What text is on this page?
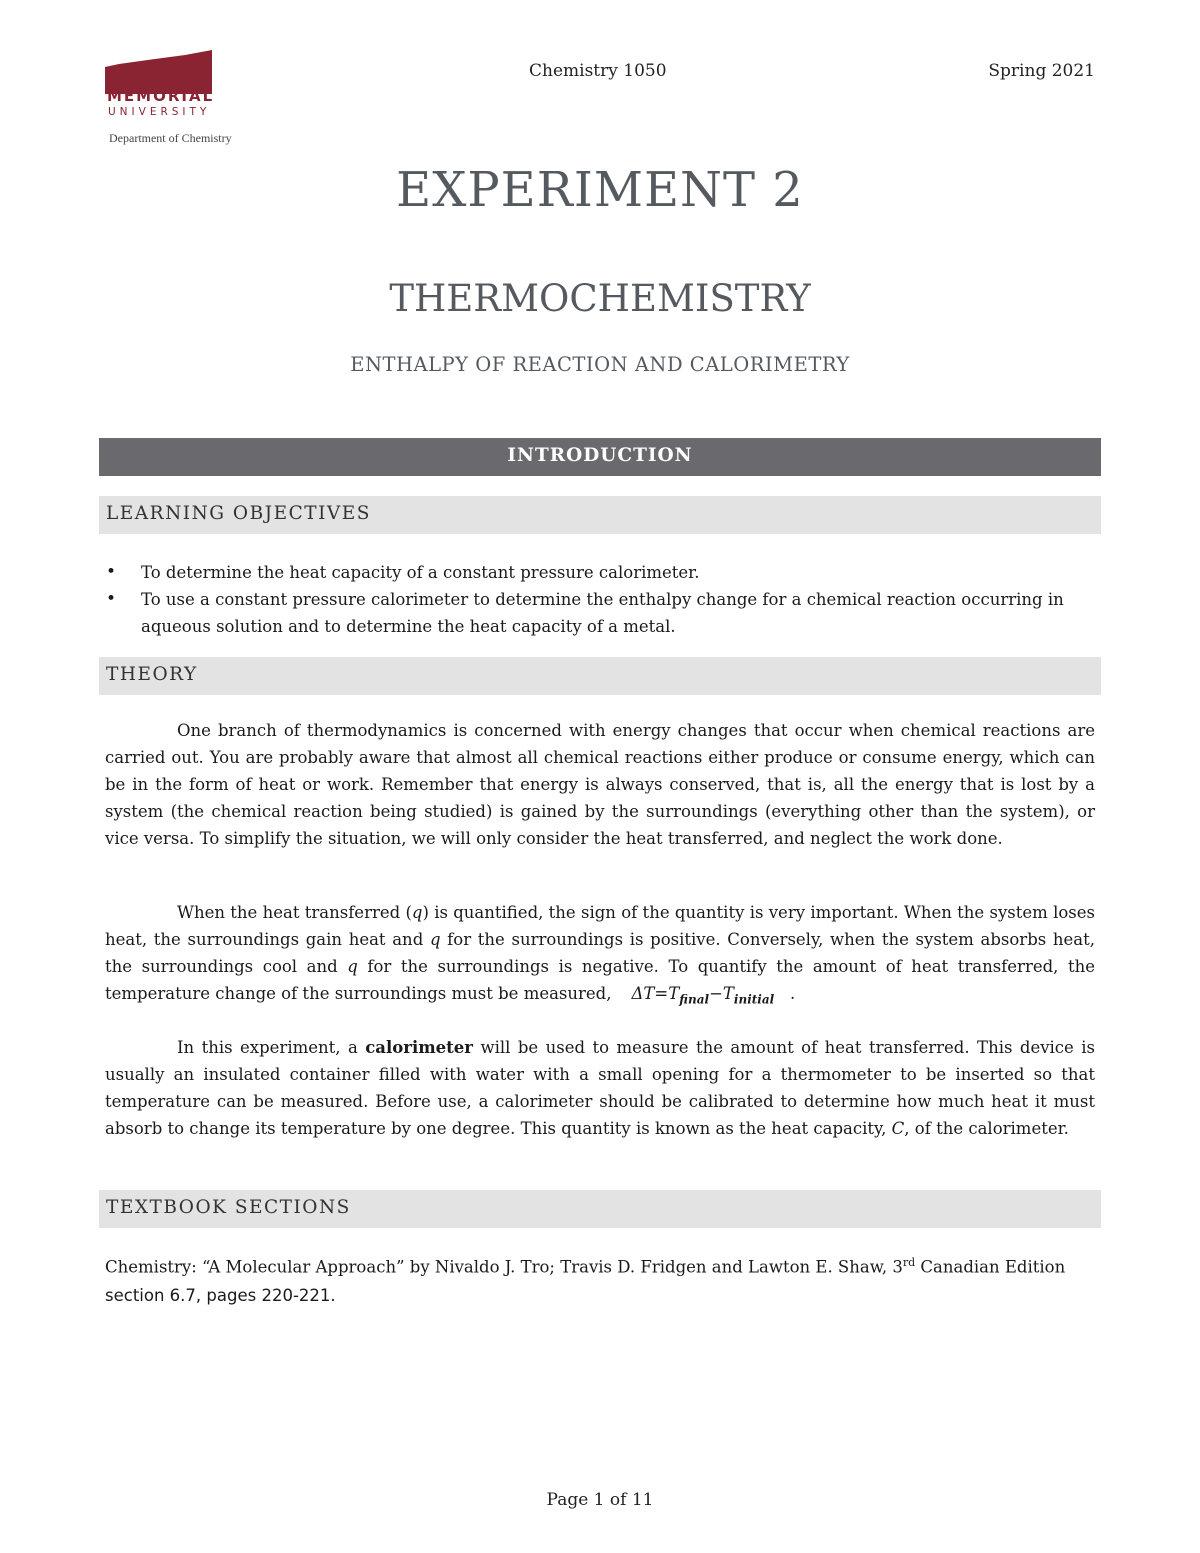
MEMORIAL
UNIVERSITY
Department of Chemistry
Chemistry 1050	Spring 2021
EXPERIMENT 2
THERMOCHEMISTRY
ENTHALPY OF REACTION AND CALORIMETRY
INTRODUCTION
LEARNING OBJECTIVES
• To determine the heat capacity of a constant pressure calorimeter.
• To use a constant pressure calorimeter to determine the enthalpy change for a chemical reaction occurring in aqueous solution and to determine the heat capacity of a metal.
THEORY

One branch of thermodynamics is concerned with energy changes that occur when chemical reactions are carried out. You are probably aware that almost all chemical reactions either produce or consume energy, which can be in the form of heat or work. Remember that energy is always conserved, that is, all the energy that is lost by a system (the chemical reaction being studied) is gained by the surroundings (everything other than the system), or vice versa. To simplify the situation, we will only consider the heat transferred, and neglect the work done.

When the heat transferred (q) is quantified, the sign of the quantity is very important. When the system loses heat, the surroundings gain heat and q for the surroundings is positive. Conversely, when the system absorbs heat, the surroundings cool and q for the surroundings is negative. To quantify the amount of heat transferred, the temperature change of the surroundings must be measured, $\Delta T=T_{final}-T_{initial}$ .

In this experiment, a calorimeter will be used to measure the amount of heat transferred. This device is usually an insulated container filled with water with a small opening for a thermometer to be inserted so that temperature can be measured. Before use, a calorimeter should be calibrated to determine how much heat it must absorb to change its temperature by one degree. This quantity is known as the heat capacity, C, of the calorimeter.

TEXTBOOK SECTIONS

Chemistry: “A Molecular Approach” by Nivaldo J. Tro; Travis D. Fridgen and Lawton E. Shaw, 3rd Canadian Edition section 6.7, pages 220-221.

Page 1 of 11
